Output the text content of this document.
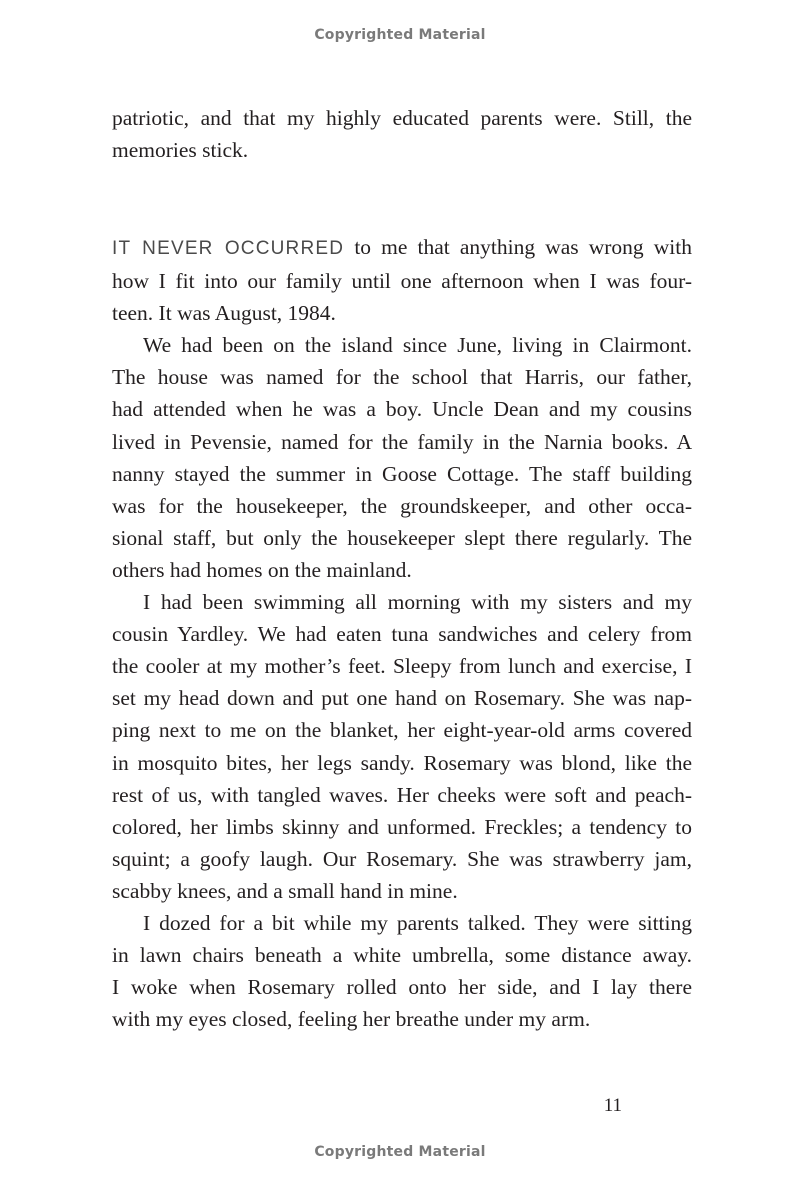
Copyrighted Material
patriotic, and that my highly educated parents were. Still, the
memories stick.
IT NEVER OCCURRED to me that anything was wrong with
how I fit into our family until one afternoon when I was four-
teen. It was August, 1984.
We had been on the island since June, living in Clairmont.
The house was named for the school that Harris, our father,
had attended when he was a boy. Uncle Dean and my cousins
lived in Pevensie, named for the family in the Narnia books. A
nanny stayed the summer in Goose Cottage. The staff building
was for the housekeeper, the groundskeeper, and other occa-
sional staff, but only the housekeeper slept there regularly. The
others had homes on the mainland.
I had been swimming all morning with my sisters and my
cousin Yardley. We had eaten tuna sandwiches and celery from
the cooler at my mother’s feet. Sleepy from lunch and exercise, I
set my head down and put one hand on Rosemary. She was nap-
ping next to me on the blanket, her eight-year-old arms covered
in mosquito bites, her legs sandy. Rosemary was blond, like the
rest of us, with tangled waves. Her cheeks were soft and peach-
colored, her limbs skinny and unformed. Freckles; a tendency to
squint; a goofy laugh. Our Rosemary. She was strawberry jam,
scabby knees, and a small hand in mine.
I dozed for a bit while my parents talked. They were sitting
in lawn chairs beneath a white umbrella, some distance away.
I woke when Rosemary rolled onto her side, and I lay there
with my eyes closed, feeling her breathe under my arm.
11
Copyrighted Material
